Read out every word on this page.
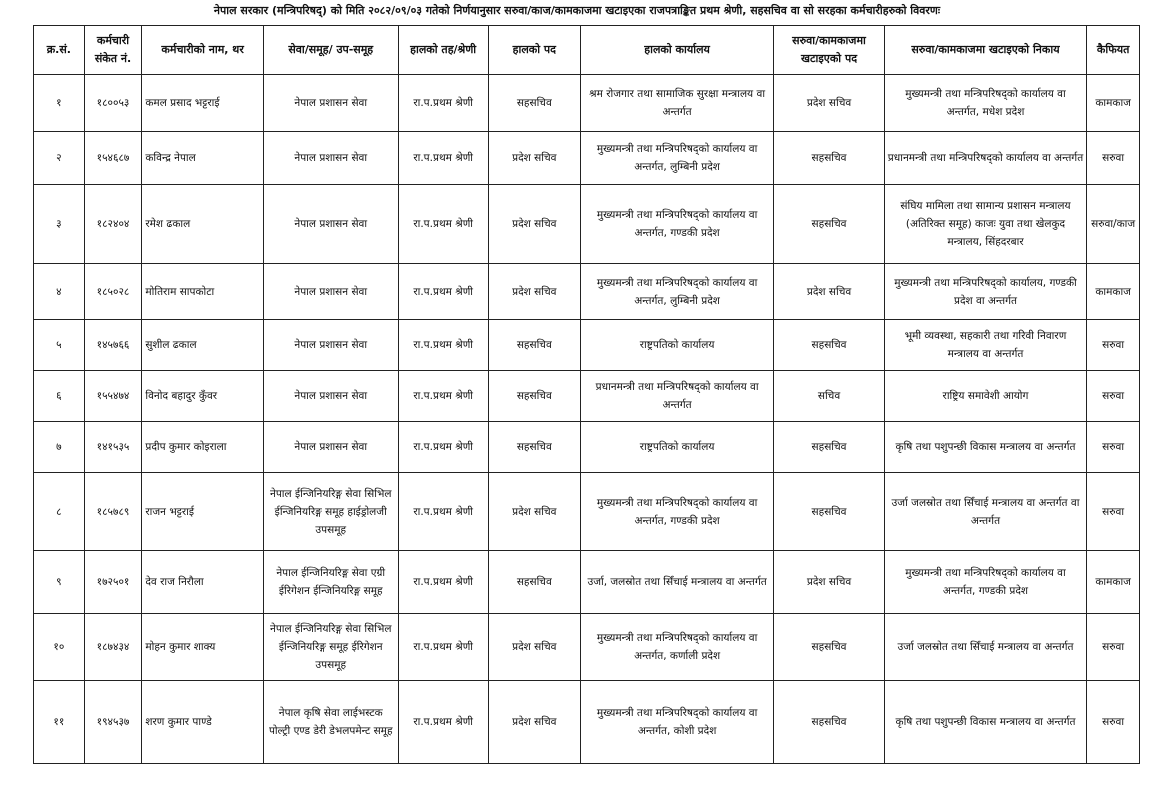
नेपाल सरकार (मन्त्रिपरिषद्) को मिति २०८२/०९/०३ गतेको निर्णयानुसार सरुवा/काज/कामकाजमा खटाइएका राजपत्राङ्कित प्रथम श्रेणी, सहसचिव वा सो सरहका कर्मचारीहरुको विवरणः
क्र.सं.	कर्मचारी संकेत नं.	कर्मचारीको नाम, थर	सेवा/समूह/ उप-समूह	हालको तह/श्रेणी	हालको पद	हालको कार्यालय	सरुवा/कामकाजमा खटाइएको पद	सरुवा/कामकाजमा खटाइएको निकाय	कैफियत
१	१८००५३	कमल प्रसाद भट्टराई	नेपाल प्रशासन सेवा	रा.प.प्रथम श्रेणी	सहसचिव	श्रम रोजगार तथा सामाजिक सुरक्षा मन्त्रालय वा अन्तर्गत	प्रदेश सचिव	मुख्यमन्त्री तथा मन्त्रिपरिषद्को कार्यालय वा अन्तर्गत, मधेश प्रदेश	कामकाज
२	१५४६८७	कविन्द्र नेपाल	नेपाल प्रशासन सेवा	रा.प.प्रथम श्रेणी	प्रदेश सचिव	मुख्यमन्त्री तथा मन्त्रिपरिषद्को कार्यालय वा अन्तर्गत, लुम्बिनी प्रदेश	सहसचिव	प्रधानमन्त्री तथा मन्त्रिपरिषद्को कार्यालय वा अन्तर्गत	सरुवा
३	१८२४०४	रमेश ढकाल	नेपाल प्रशासन सेवा	रा.प.प्रथम श्रेणी	प्रदेश सचिव	मुख्यमन्त्री तथा मन्त्रिपरिषद्को कार्यालय वा अन्तर्गत, गण्डकी प्रदेश	सहसचिव	संघिय मामिला तथा सामान्य प्रशासन मन्त्रालय (अतिरिक्त समूह) काजः युवा तथा खेलकुद मन्त्रालय, सिंहदरबार	सरुवा/काज
४	१८५०२८	मोतिराम सापकोटा	नेपाल प्रशासन सेवा	रा.प.प्रथम श्रेणी	प्रदेश सचिव	मुख्यमन्त्री तथा मन्त्रिपरिषद्को कार्यालय वा अन्तर्गत, लुम्बिनी प्रदेश	प्रदेश सचिव	मुख्यमन्त्री तथा मन्त्रिपरिषद्को कार्यालय, गण्डकी प्रदेश वा अन्तर्गत	कामकाज
५	१४५७६६	सुशील ढकाल	नेपाल प्रशासन सेवा	रा.प.प्रथम श्रेणी	सहसचिव	राष्ट्रपतिको कार्यालय	सहसचिव	भूमी व्यवस्था, सहकारी तथा गरिवी निवारण मन्त्रालय वा अन्तर्गत	सरुवा
६	१५५४७४	विनोद बहादुर कुँवर	नेपाल प्रशासन सेवा	रा.प.प्रथम श्रेणी	सहसचिव	प्रधानमन्त्री तथा मन्त्रिपरिषद्को कार्यालय वा अन्तर्गत	सचिव	राष्ट्रिय समावेशी आयोग	सरुवा
७	१४१५३५	प्रदीप कुमार कोइराला	नेपाल प्रशासन सेवा	रा.प.प्रथम श्रेणी	सहसचिव	राष्ट्रपतिको कार्यालय	सहसचिव	कृषि तथा पशुपन्छी विकास मन्त्रालय वा अन्तर्गत	सरुवा
८	१८५७८९	राजन भट्टराई	नेपाल ईन्जिनियरिङ्ग सेवा सिभिल ईन्जिनियरिङ्ग समूह हाईड्रोलजी उपसमूह	रा.प.प्रथम श्रेणी	प्रदेश सचिव	मुख्यमन्त्री तथा मन्त्रिपरिषद्को कार्यालय वा अन्तर्गत, गण्डकी प्रदेश	सहसचिव	उर्जा जलस्रोत तथा सिँचाई मन्त्रालय वा अन्तर्गत वा अन्तर्गत	सरुवा
९	१७२५०१	देव राज निरौला	नेपाल ईन्जिनियरिङ्ग सेवा एग्री ईरिगेशन ईन्जिनियरिङ्ग समूह	रा.प.प्रथम श्रेणी	सहसचिव	उर्जा, जलस्रोत तथा सिँचाई मन्त्रालय वा अन्तर्गत	प्रदेश सचिव	मुख्यमन्त्री तथा मन्त्रिपरिषद्को कार्यालय वा अन्तर्गत, गण्डकी प्रदेश	कामकाज
१०	१८७४३४	मोहन कुमार शाक्य	नेपाल ईन्जिनियरिङ्ग सेवा सिभिल ईन्जिनियरिङ्ग समूह ईरिगेशन उपसमूह	रा.प.प्रथम श्रेणी	प्रदेश सचिव	मुख्यमन्त्री तथा मन्त्रिपरिषद्को कार्यालय वा अन्तर्गत, कर्णाली प्रदेश	सहसचिव	उर्जा जलस्रोत तथा सिँचाई मन्त्रालय वा अन्तर्गत	सरुवा
११	१९४५३७	शरण कुमार पाण्डे	नेपाल कृषि सेवा लाईभस्टक पोल्ट्री एण्ड डेरी डेभलपमेन्ट समूह	रा.प.प्रथम श्रेणी	प्रदेश सचिव	मुख्यमन्त्री तथा मन्त्रिपरिषद्को कार्यालय वा अन्तर्गत, कोशी प्रदेश	सहसचिव	कृषि तथा पशुपन्छी विकास मन्त्रालय वा अन्तर्गत	सरुवा
